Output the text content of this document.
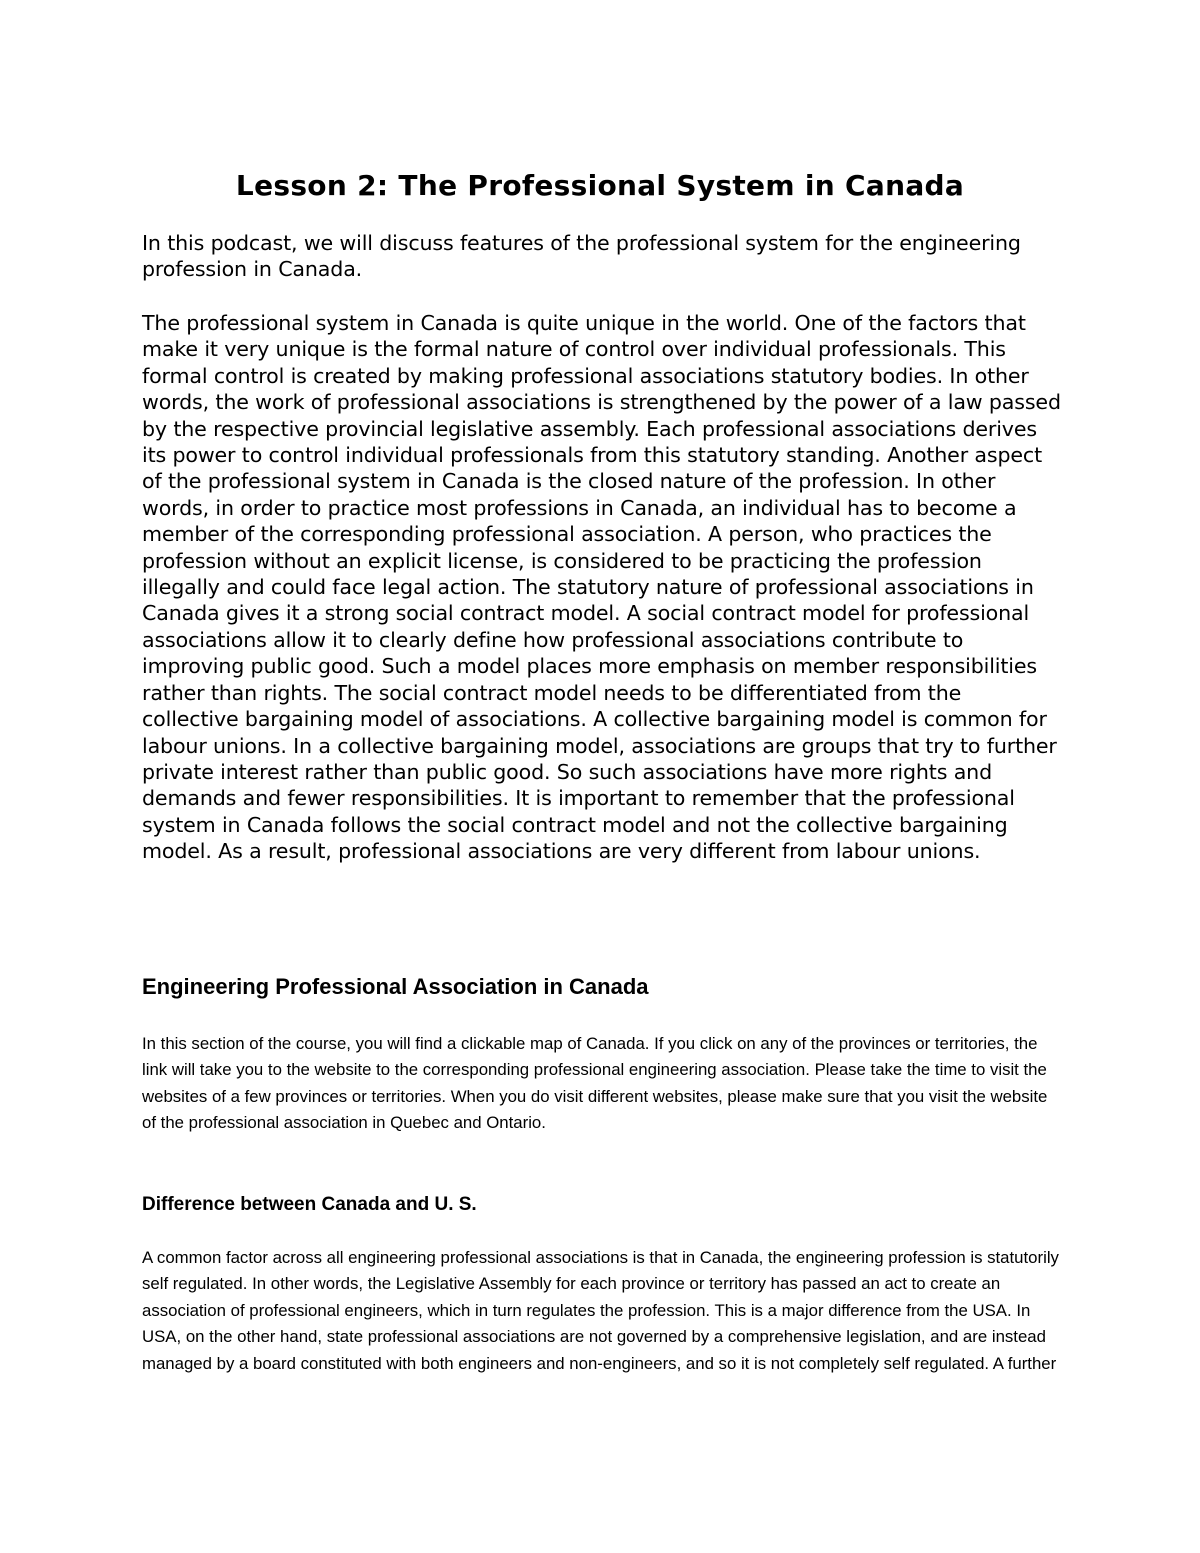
Lesson 2: The Professional System in Canada

In this podcast, we will discuss features of the professional system for the engineering profession in Canada.

The professional system in Canada is quite unique in the world. One of the factors that make it very unique is the formal nature of control over individual professionals. This formal control is created by making professional associations statutory bodies. In other words, the work of professional associations is strengthened by the power of a law passed by the respective provincial legislative assembly. Each professional associations derives its power to control individual professionals from this statutory standing. Another aspect of the professional system in Canada is the closed nature of the profession. In other words, in order to practice most professions in Canada, an individual has to become a member of the corresponding professional association. A person, who practices the profession without an explicit license, is considered to be practicing the profession illegally and could face legal action. The statutory nature of professional associations in Canada gives it a strong social contract model. A social contract model for professional associations allow it to clearly define how professional associations contribute to improving public good. Such a model places more emphasis on member responsibilities rather than rights. The social contract model needs to be differentiated from the collective bargaining model of associations. A collective bargaining model is common for labour unions. In a collective bargaining model, associations are groups that try to further private interest rather than public good. So such associations have more rights and demands and fewer responsibilities. It is important to remember that the professional system in Canada follows the social contract model and not the collective bargaining model. As a result, professional associations are very different from labour unions.

Engineering Professional Association in Canada

In this section of the course, you will find a clickable map of Canada. If you click on any of the provinces or territories, the link will take you to the website to the corresponding professional engineering association. Please take the time to visit the websites of a few provinces or territories. When you do visit different websites, please make sure that you visit the website of the professional association in Quebec and Ontario.

Difference between Canada and U. S.

A common factor across all engineering professional associations is that in Canada, the engineering profession is statutorily self regulated. In other words, the Legislative Assembly for each province or territory has passed an act to create an association of professional engineers, which in turn regulates the profession. This is a major difference from the USA. In USA, on the other hand, state professional associations are not governed by a comprehensive legislation, and are instead managed by a board constituted with both engineers and non-engineers, and so it is not completely self regulated. A further
